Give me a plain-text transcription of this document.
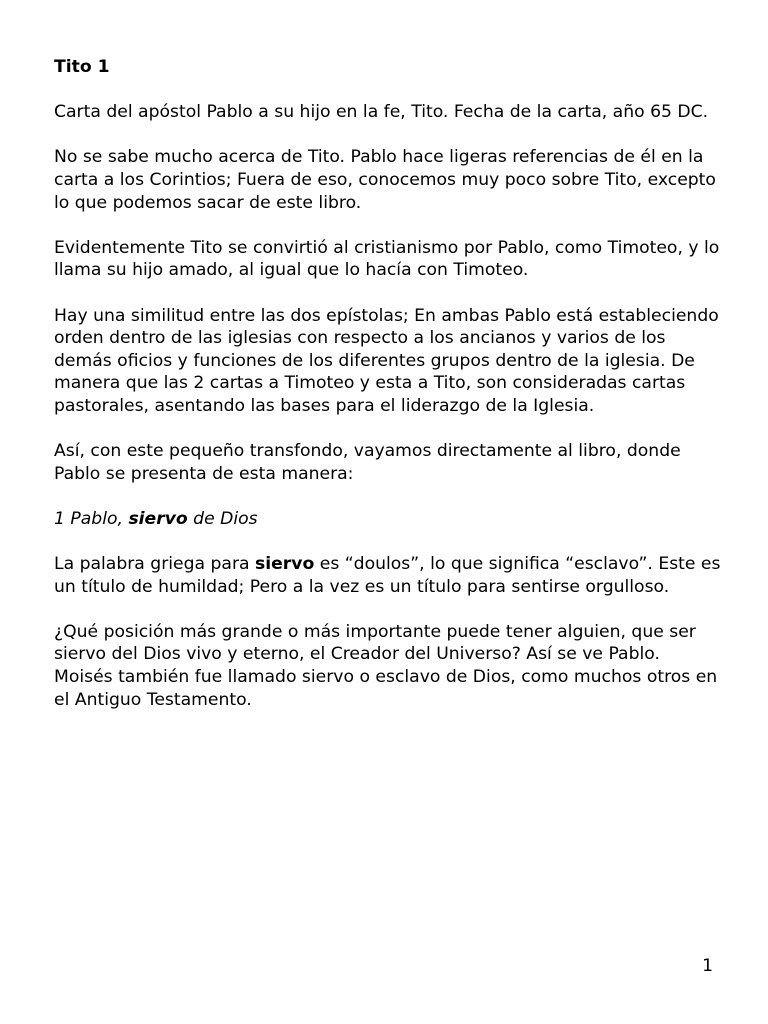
Tito 1

Carta del apóstol Pablo a su hijo en la fe, Tito. Fecha de la carta, año 65 DC.

No se sabe mucho acerca de Tito. Pablo hace ligeras referencias de él en la carta a los Corintios; Fuera de eso, conocemos muy poco sobre Tito, excepto lo que podemos sacar de este libro.

Evidentemente Tito se convirtió al cristianismo por Pablo, como Timoteo, y lo llama su hijo amado, al igual que lo hacía con Timoteo.

Hay una similitud entre las dos epístolas; En ambas Pablo está estableciendo orden dentro de las iglesias con respecto a los ancianos y varios de los demás oficios y funciones de los diferentes grupos dentro de la iglesia. De manera que las 2 cartas a Timoteo y esta a Tito, son consideradas cartas pastorales, asentando las bases para el liderazgo de la Iglesia.

Así, con este pequeño transfondo, vayamos directamente al libro, donde Pablo se presenta de esta manera:

1 Pablo, siervo de Dios

La palabra griega para siervo es “doulos”, lo que significa “esclavo”. Este es un título de humildad; Pero a la vez es un título para sentirse orgulloso.

¿Qué posición más grande o más importante puede tener alguien, que ser siervo del Dios vivo y eterno, el Creador del Universo? Así se ve Pablo.

Moisés también fue llamado siervo o esclavo de Dios, como muchos otros en el Antiguo Testamento.

1
